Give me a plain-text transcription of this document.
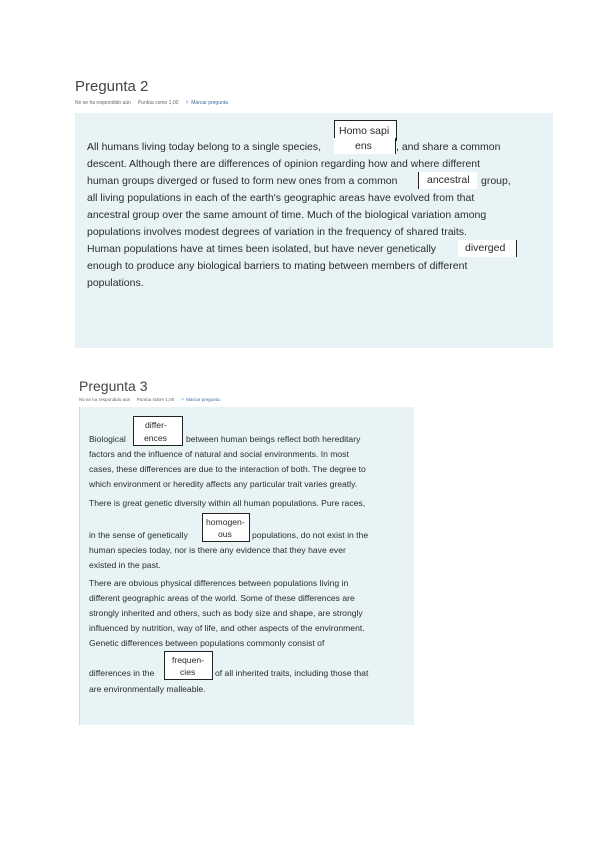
Pregunta 2
No se ha respondido aún Puntúa como 1,00 ⚐ Marcar pregunta
All humans living today belong to a single species,
Homo sapi
ens , and share a common
descent. Although there are differences of opinion regarding how and where different
human groups diverged or fused to form new ones from a common	ancestral group,
all living populations in each of the earth's geographic areas have evolved from that
ancestral group over the same amount of time. Much of the biological variation among
populations involves modest degrees of variation in the frequency of shared traits.
Human populations have at times been isolated, but have never genetically	diverged
enough to produce any biological barriers to mating between members of different
populations.
Pregunta 3
No se ha respondido aún Puntúa sobre 1,00 ⚐ Marcar pregunta
differ-
Biological ences between human beings reflect both hereditary
factors and the influence of natural and social environments. In most
cases, these differences are due to the interaction of both. The degree to
which environment or heredity affects any particular trait varies greatly.
There is great genetic diversity within all human populations. Pure races,
homogen-
in the sense of genetically	ous populations, do not exist in the
human species today, nor is there any evidence that they have ever
existed in the past.
There are obvious physical differences between populations living in
different geographic areas of the world. Some of these differences are
strongly inherited and others, such as body size and shape, are strongly
influenced by nutrition, way of life, and other aspects of the environment.
Genetic differences between populations commonly consist of
frequen-
differences in the	cies of all inherited traits, including those that
are environmentally malleable.
